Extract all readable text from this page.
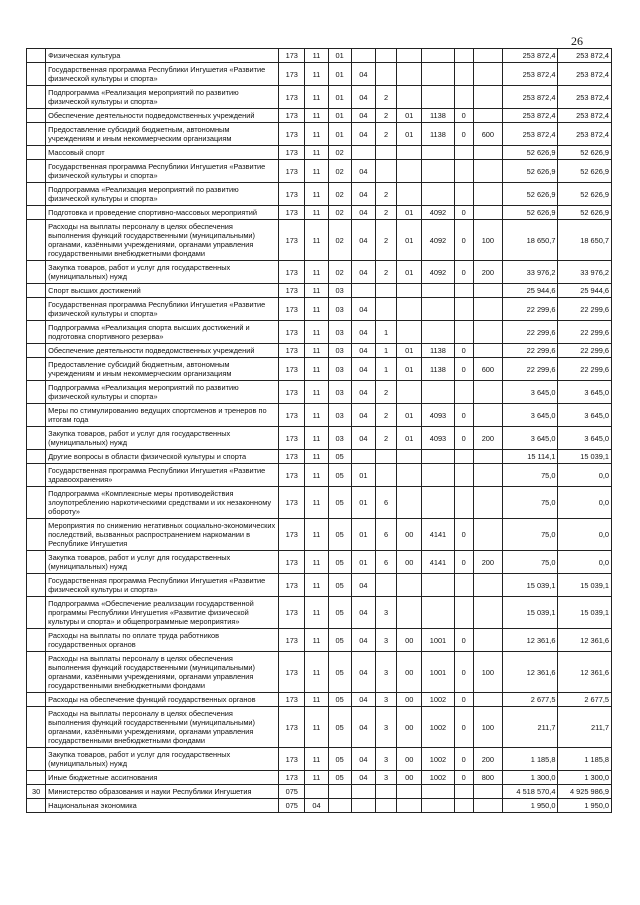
26
	Физическая культура	173	11	01							253 872,4	253 872,4
	Государственная программа Республики Ингушетия «Развитие физической культуры и спорта»	173	11	01	04						253 872,4	253 872,4
	Подпрограмма «Реализация мероприятий по развитию физической культуры и спорта»	173	11	01	04	2					253 872,4	253 872,4
	Обеспечение деятельности подведомственных учреждений	173	11	01	04	2	01	1138	0		253 872,4	253 872,4
	Предоставление субсидий бюджетным, автономным учреждениям и иным некоммерческим организациям	173	11	01	04	2	01	1138	0	600	253 872,4	253 872,4
	Массовый спорт	173	11	02							52 626,9	52 626,9
	Государственная программа Республики Ингушетия «Развитие физической культуры и спорта»	173	11	02	04						52 626,9	52 626,9
	Подпрограмма «Реализация мероприятий по развитию физической культуры и спорта»	173	11	02	04	2					52 626,9	52 626,9
	Подготовка и проведение спортивно-массовых мероприятий	173	11	02	04	2	01	4092	0		52 626,9	52 626,9
	Расходы на выплаты персоналу в целях обеспечения выполнения функций государственными (муниципальными) органами, казёнными учреждениями, органами управления государственными внебюджетными фондами	173	11	02	04	2	01	4092	0	100	18 650,7	18 650,7
	Закупка товаров, работ и услуг для государственных (муниципальных) нужд	173	11	02	04	2	01	4092	0	200	33 976,2	33 976,2
	Спорт высших достижений	173	11	03							25 944,6	25 944,6
	Государственная программа Республики Ингушетия «Развитие физической культуры и спорта»	173	11	03	04						22 299,6	22 299,6
	Подпрограмма «Реализация спорта высших достижений и подготовка спортивного резерва»	173	11	03	04	1					22 299,6	22 299,6
	Обеспечение деятельности подведомственных учреждений	173	11	03	04	1	01	1138	0		22 299,6	22 299,6
	Предоставление субсидий бюджетным, автономным учреждениям и иным некоммерческим организациям	173	11	03	04	1	01	1138	0	600	22 299,6	22 299,6
	Подпрограмма «Реализация мероприятий по развитию физической культуры и спорта»	173	11	03	04	2					3 645,0	3 645,0
	Меры по стимулированию ведущих спортсменов и тренеров по итогам года	173	11	03	04	2	01	4093	0		3 645,0	3 645,0
	Закупка товаров, работ и услуг для государственных (муниципальных) нужд	173	11	03	04	2	01	4093	0	200	3 645,0	3 645,0
	Другие вопросы в области физической культуры и спорта	173	11	05							15 114,1	15 039,1
	Государственная программа Республики Ингушетия «Развитие здравоохранения»	173	11	05	01						75,0	0,0
	Подпрограмма «Комплексные меры противодействия злоупотреблению наркотическими средствами и их незаконному обороту»	173	11	05	01	6					75,0	0,0
	Мероприятия по снижению негативных социально-экономических последствий, вызванных распространением наркомании в Республике Ингушетия	173	11	05	01	6	00	4141	0		75,0	0,0
	Закупка товаров, работ и услуг для государственных (муниципальных) нужд	173	11	05	01	6	00	4141	0	200	75,0	0,0
	Государственная программа Республики Ингушетия «Развитие физической культуры и спорта»	173	11	05	04						15 039,1	15 039,1
	Подпрограмма «Обеспечение реализации государственной программы Республики Ингушетия «Развитие физической культуры и спорта» и общепрограммные мероприятия»	173	11	05	04	3					15 039,1	15 039,1
	Расходы на выплаты по оплате труда работников государственных органов	173	11	05	04	3	00	1001	0		12 361,6	12 361,6
	Расходы на выплаты персоналу в целях обеспечения выполнения функций государственными (муниципальными) органами, казёнными учреждениями, органами управления государственными внебюджетными фондами	173	11	05	04	3	00	1001	0	100	12 361,6	12 361,6
	Расходы на обеспечение функций государственных органов	173	11	05	04	3	00	1002	0		2 677,5	2 677,5
	Расходы на выплаты персоналу в целях обеспечения выполнения функций государственными (муниципальными) органами, казёнными учреждениями, органами управления государственными внебюджетными фондами	173	11	05	04	3	00	1002	0	100	211,7	211,7
	Закупка товаров, работ и услуг для государственных (муниципальных) нужд	173	11	05	04	3	00	1002	0	200	1 185,8	1 185,8
	Иные бюджетные ассигнования	173	11	05	04	3	00	1002	0	800	1 300,0	1 300,0
30	Министерство образования и науки Республики Ингушетия	075									4 518 570,4	4 925 986,9
	Национальная экономика	075	04								1 950,0	1 950,0
